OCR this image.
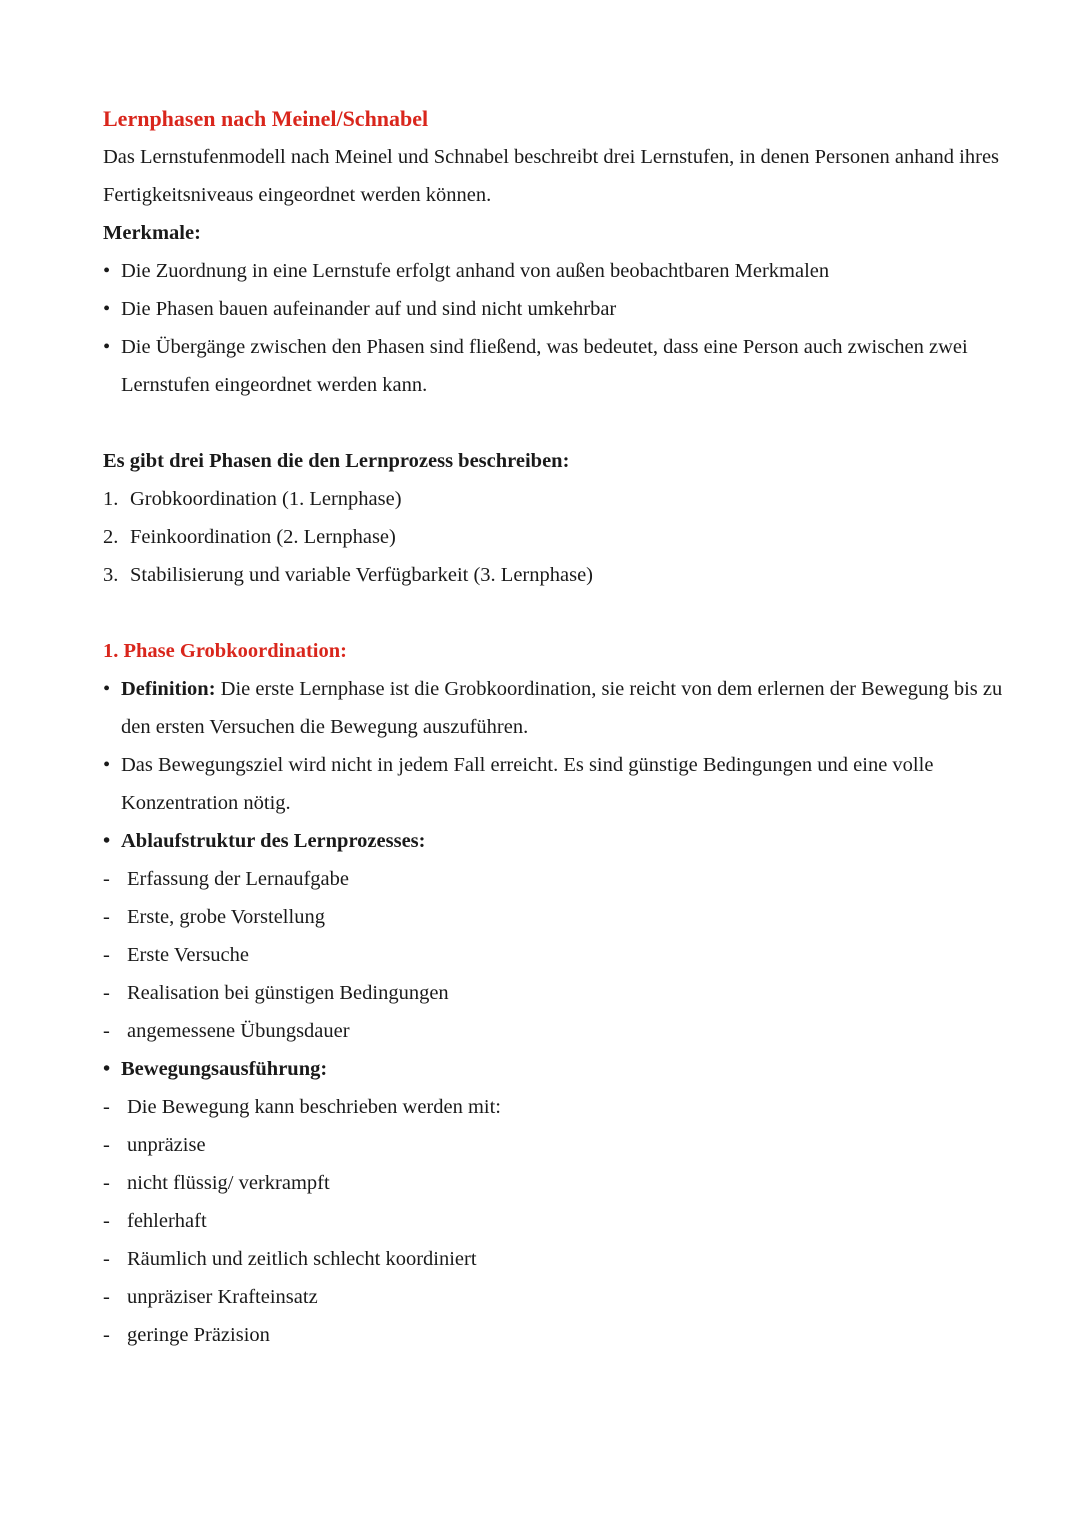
Lernphasen nach Meinel/Schnabel

Das Lernstufenmodell nach Meinel und Schnabel beschreibt drei Lernstufen, in denen Personen anhand ihres Fertigkeitsniveaus eingeordnet werden können.

Merkmale:

• Die Zuordnung in eine Lernstufe erfolgt anhand von außen beobachtbaren Merkmalen
• Die Phasen bauen aufeinander auf und sind nicht umkehrbar
• Die Übergänge zwischen den Phasen sind fließend, was bedeutet, dass eine Person auch zwischen zwei Lernstufen eingeordnet werden kann.

Es gibt drei Phasen die den Lernprozess beschreiben:

1. Grobkoordination (1. Lernphase)
2. Feinkoordination (2. Lernphase)
3. Stabilisierung und variable Verfügbarkeit (3. Lernphase)

1. Phase Grobkoordination:

• Definition: Die erste Lernphase ist die Grobkoordination, sie reicht von dem erlernen der Bewegung bis zu den ersten Versuchen die Bewegung auszuführen.
• Das Bewegungsziel wird nicht in jedem Fall erreicht. Es sind günstige Bedingungen und eine volle Konzentration nötig.
• Ablaufstruktur des Lernprozesses:
- Erfassung der Lernaufgabe
- Erste, grobe Vorstellung
- Erste Versuche
- Realisation bei günstigen Bedingungen
- angemessene Übungsdauer
• Bewegungsausführung:
- Die Bewegung kann beschrieben werden mit:
- unpräzise
- nicht flüssig/ verkrampft
- fehlerhaft
- Räumlich und zeitlich schlecht koordiniert
- unpräziser Krafteinsatz
- geringe Präzision
